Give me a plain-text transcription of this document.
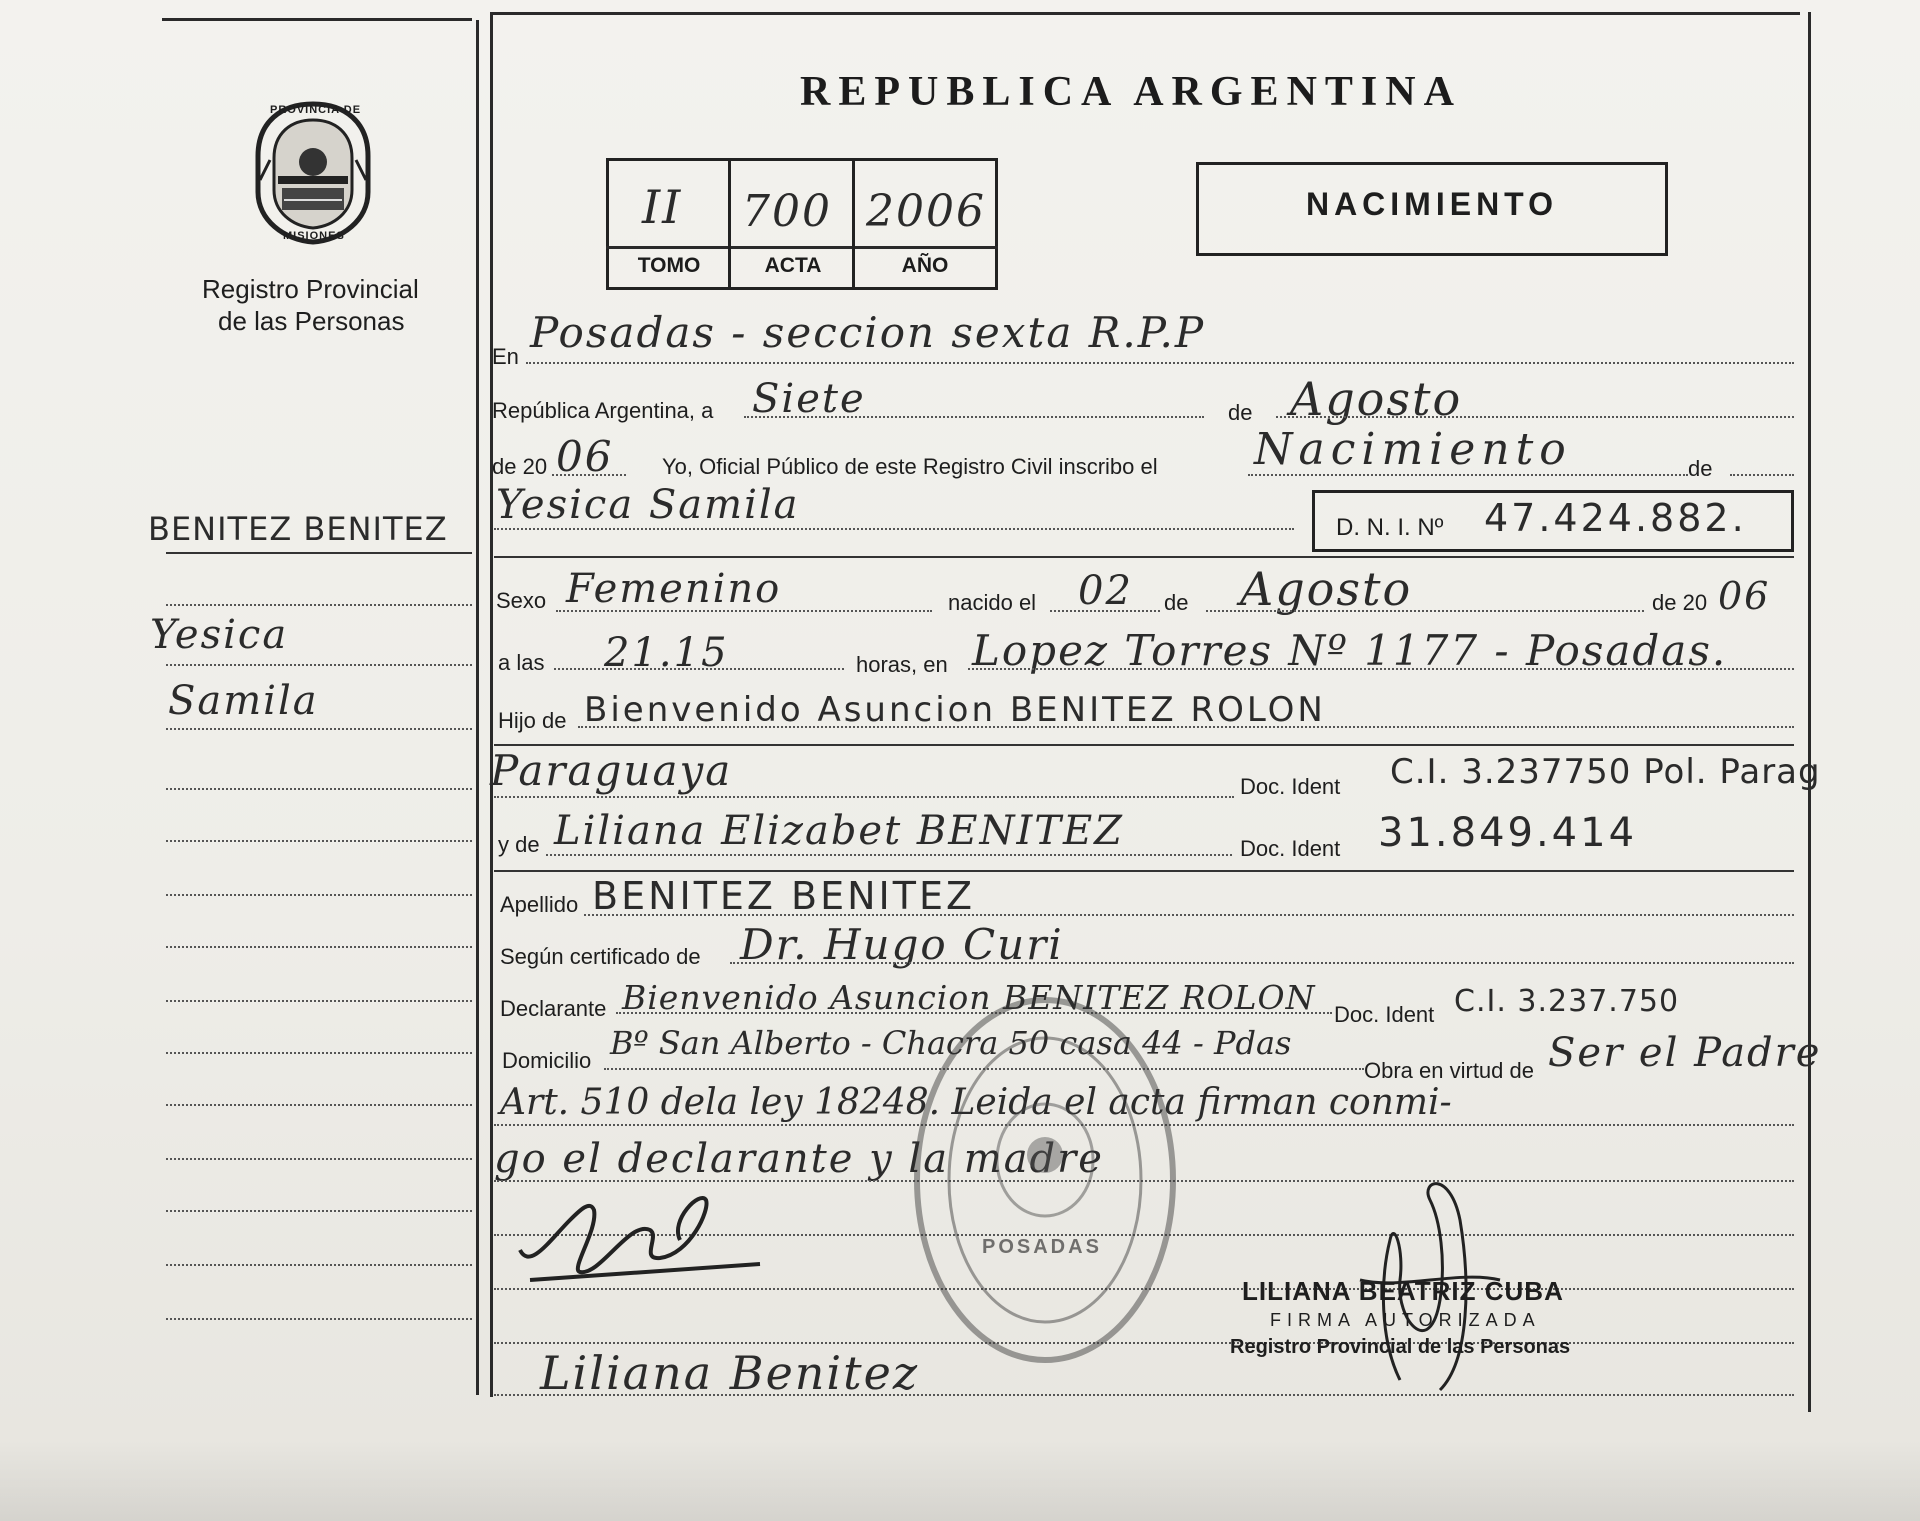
PROVINCIA DE
MISIONES
Registro Provincial
de las Personas
BENITEZ BENITEZ
Yesica
Samila
REPUBLICA ARGENTINA
II 700 2006
TOMO	ACTA	AÑO
NACIMIENTO
En Posadas - seccion sexta R.P.P
República Argentina, a Siete	de Agosto
de 20 06 Yo, Oficial Público de este Registro Civil inscribo el Nacimiento	de
Yesica Samila	D. N. I. Nº 47.424.882.
Sexo Femenino	nacido el 02 de Agosto	de 20 06
a las 21.15	horas, en Lopez Torres Nº 1177 - Posadas.
Hijo de Bienvenido Asuncion BENITEZ ROLON
Paraguaya	Doc. Ident C.I. 3.237750 Pol. Parag
y de Liliana Elizabet BENITEZ	Doc. Ident 31.849.414
Apellido BENITEZ BENITEZ
Según certificado de Dr. Hugo Curi
Declarante Bienvenido Asuncion BENITEZ ROLON Doc. Ident C.I. 3.237.750
Domicilio Bº San Alberto - Chacra 50 casa 44 - Pdas
Obra en virtud de Ser el Padre
Art. 510 dela ley 18248. Leida el acta firman conmi-
go el declarante y la madre
POSADAS
Liliana Benitez
LILIANA BEATRIZ CUBA
FIRMA AUTORIZADA
Registro Provincial de las Personas
